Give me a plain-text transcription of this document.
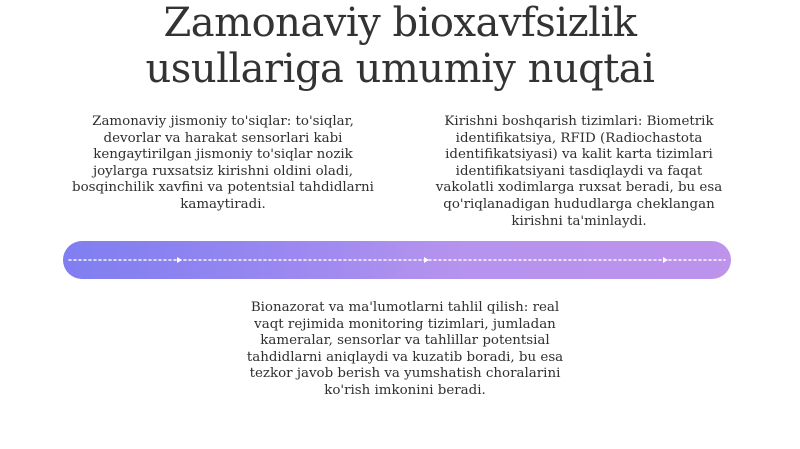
Zamonaviy bioxavfsizlik
usullariga umumiy nuqtai
Zamonaviy jismoniy to'siqlar: to'siqlar, devorlar va harakat sensorlari kabi kengaytirilgan jismoniy to'siqlar nozik joylarga ruxsatsiz kirishni oldini oladi, bosqinchilik xavfini va potentsial tahdidlarni kamaytiradi.
Kirishni boshqarish tizimlari: Biometrik identifikatsiya, RFID (Radiochastota identifikatsiyasi) va kalit karta tizimlari identifikatsiyani tasdiqlaydi va faqat vakolatli xodimlarga ruxsat beradi, bu esa qo'riqlanadigan hududlarga cheklangan kirishni ta'minlaydi.
Bionazorat va ma'lumotlarni tahlil qilish: real vaqt rejimida monitoring tizimlari, jumladan kameralar, sensorlar va tahlillar potentsial tahdidlarni aniqlaydi va kuzatib boradi, bu esa tezkor javob berish va yumshatish choralarini ko'rish imkonini beradi.
